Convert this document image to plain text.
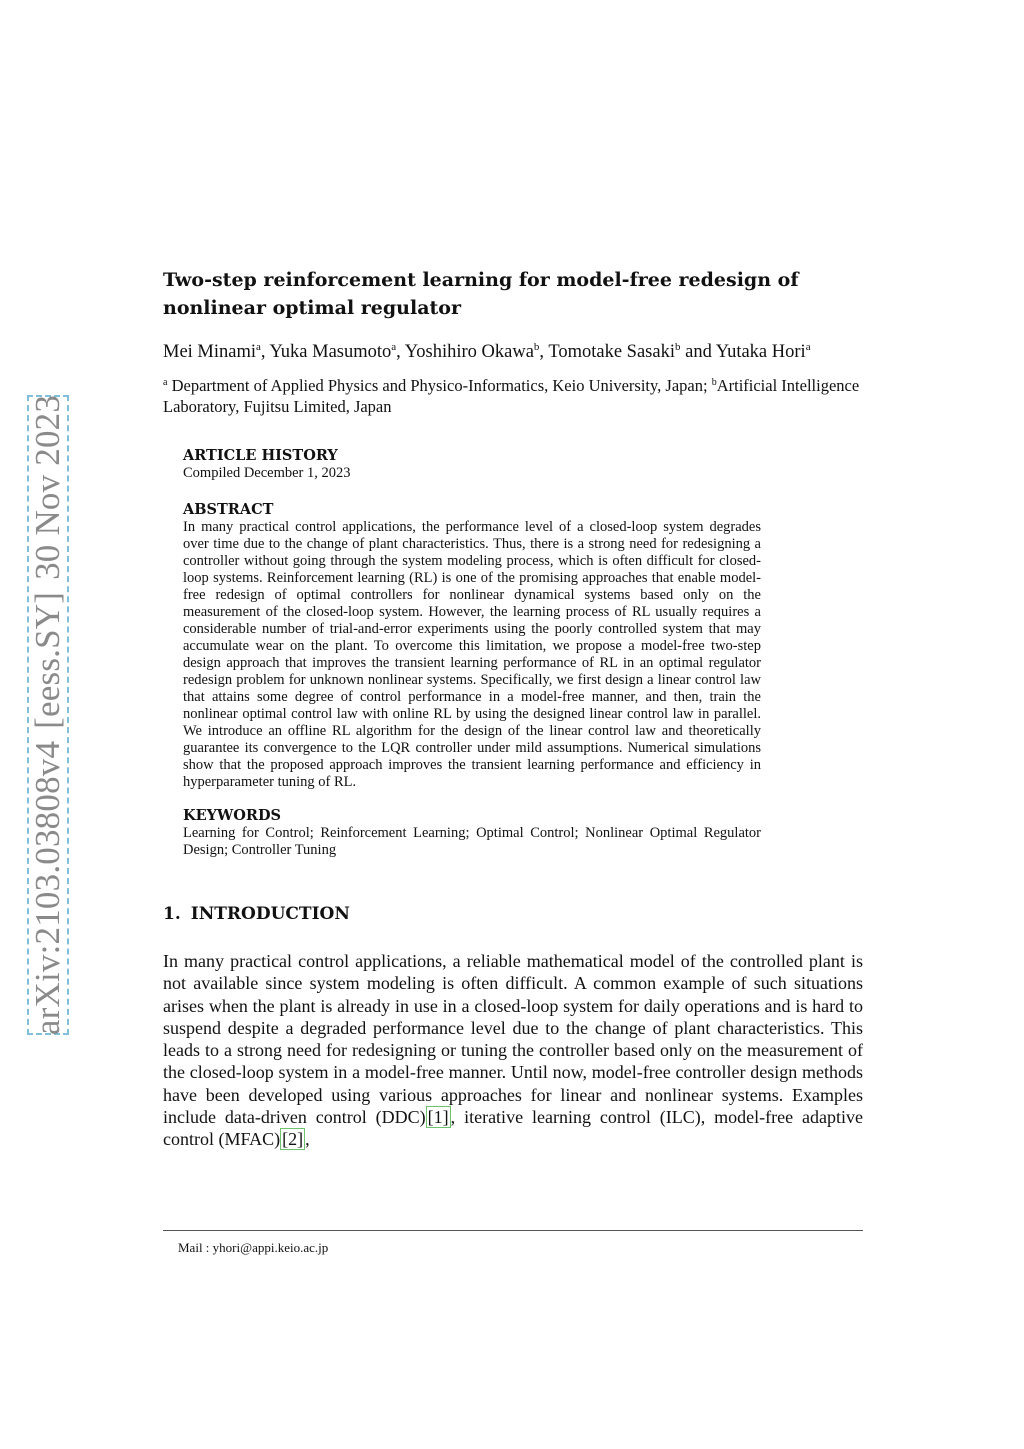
arXiv:2103.03808v4
[eess.SY]
30 Nov 2023
Two-step reinforcement learning for model-free redesign of nonlinear optimal regulator
Mei Minami$^a$, Yuka Masumoto$^a$, Yoshihiro Okawa$^b$, Tomotake Sasaki$^b$ and Yutaka Hori$^a$
$^a$ Department of Applied Physics and Physico-Informatics, Keio University, Japan; $^b$Artificial Intelligence Laboratory, Fujitsu Limited, Japan
ARTICLE HISTORY
Compiled December 1, 2023
ABSTRACT
In many practical control applications, the performance level of a closed-loop system degrades over time due to the change of plant characteristics. Thus, there is a strong need for redesigning a controller without going through the system modeling process, which is often difficult for closed-loop systems. Reinforcement learning (RL) is one of the promising approaches that enable model-free redesign of optimal controllers for nonlinear dynamical systems based only on the measurement of the closed-loop system. However, the learning process of RL usually requires a considerable number of trial-and-error experiments using the poorly controlled system that may accumulate wear on the plant. To overcome this limitation, we propose a model-free two-step design approach that improves the transient learning performance of RL in an optimal regulator redesign problem for unknown nonlinear systems. Specifically, we first design a linear control law that attains some degree of control performance in a model-free manner, and then, train the nonlinear optimal control law with online RL by using the designed linear control law in parallel. We introduce an offline RL algorithm for the design of the linear control law and theoretically guarantee its convergence to the LQR controller under mild assumptions. Numerical simulations show that the proposed approach improves the transient learning performance and efficiency in hyperparameter tuning of RL.
KEYWORDS
Learning for Control; Reinforcement Learning; Optimal Control; Nonlinear Optimal Regulator Design; Controller Tuning
1. INTRODUCTION
In many practical control applications, a reliable mathematical model of the controlled plant is not available since system modeling is often difficult. A common example of such situations arises when the plant is already in use in a closed-loop system for daily operations and is hard to suspend despite a degraded performance level due to the change of plant characteristics. This leads to a strong need for redesigning or tuning the controller based only on the measurement of the closed-loop system in a model-free manner. Until now, model-free controller design methods have been developed using various approaches for linear and nonlinear systems. Examples include data-driven control (DDC) [1] , iterative learning control (ILC), model-free adaptive control (MFAC) [2] ,
Mail : yhori@appi.keio.ac.jp
